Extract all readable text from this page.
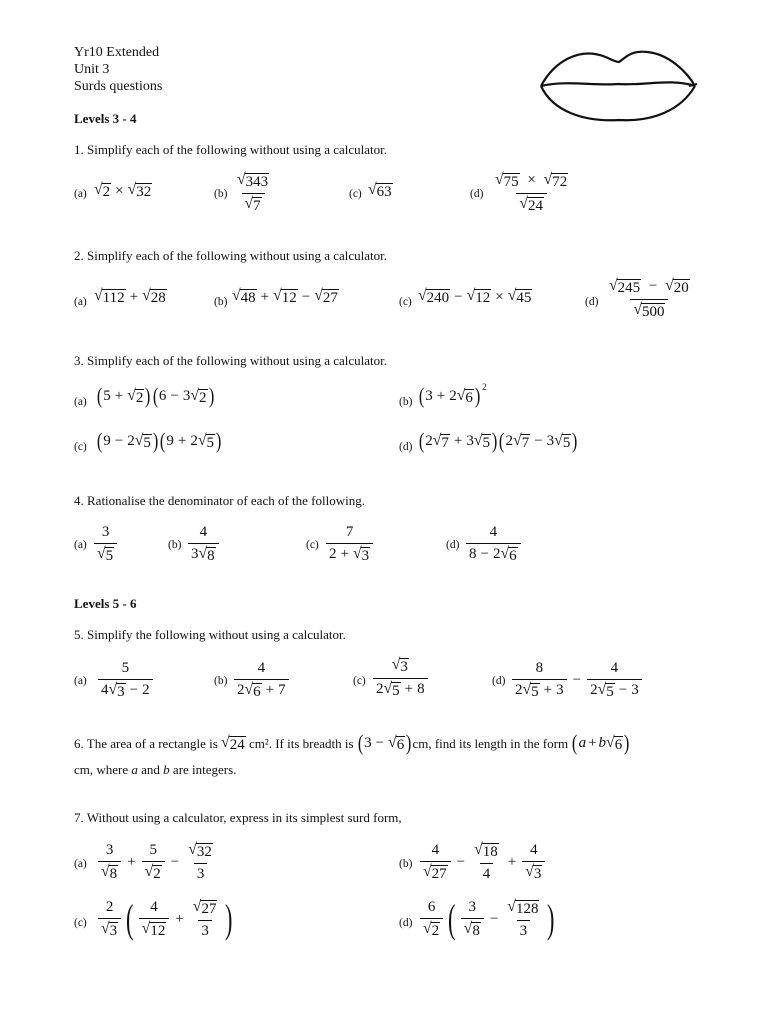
Yr10 Extended
Unit 3
Surds questions
Levels 3 - 4
1. Simplify each of the following without using a calculator.
(a) √ 2 × √ 32	$(b) \frac{√ 343}{√ 7}$	(c) √ 63	$(d) \frac{√ 75 \times √ 72}{√ 24}$
2. Simplify each of the following without using a calculator.
(a) √ 112 + √ 28	(b) √ 48 + √ 12 − √ 27	(c) √ 240 − √ 12 × √ 45	$(d) \frac{√ 245 - √ 20}{√ 500}$
3. Simplify each of the following without using a calculator.
(a) ( 5 + √ 2 ) ( 6 − 3 √ 2 )	(b) ( 3 + 2 √ 6 ) 2
(c) ( 9 − 2 √ 5 ) ( 9 + 2 √ 5 )	(d) ( 2 √ 7 + 3 √ 5 ) ( 2 √ 7 − 3 √ 5 )
4. Rationalise the denominator of each of the following.
$(a) \frac{3}{√ 5}$	$(b) \frac{4}{3 √ 8}$	$(c) \frac{7}{2 + √ 3}$	$(d) \frac{4}{8 - 2 √ 6}$
Levels 5 - 6
5. Simplify the following without using a calculator.
$(a) \frac{5}{4 √ 3 - 2}$	$(b) \frac{4}{2 √ 6 + 7}$	$(c) \frac{√ 3}{2 √ 5 + 8}$	$(d) \frac{8}{2 √ 5 + 3} - \frac{4}{2 √ 5 - 3}$
6. The area of a rectangle is
√ 24
cm².
If its breadth is
( 3 − √ 6 ) cm, find its length in the form
( a + b √ 6 )
cm, where a and b are integers.
7. Without using a calculator, express in its simplest surd form,
$(a) \frac{3}{√ 8} + \frac{5}{√ 2} - \frac{√ 32}{3}$	$(b) \frac{4}{√ 27} - \frac{√ 18}{4} + \frac{4}{√ 3}$
$(c) \frac{2}{√ 3}$ ( $\frac{4}{√ 12} + \frac{√ 27}{3}$ )	$(d) \frac{6}{√ 2}$ ( $\frac{3}{√ 8} - \frac{√ 128}{3}$ )
